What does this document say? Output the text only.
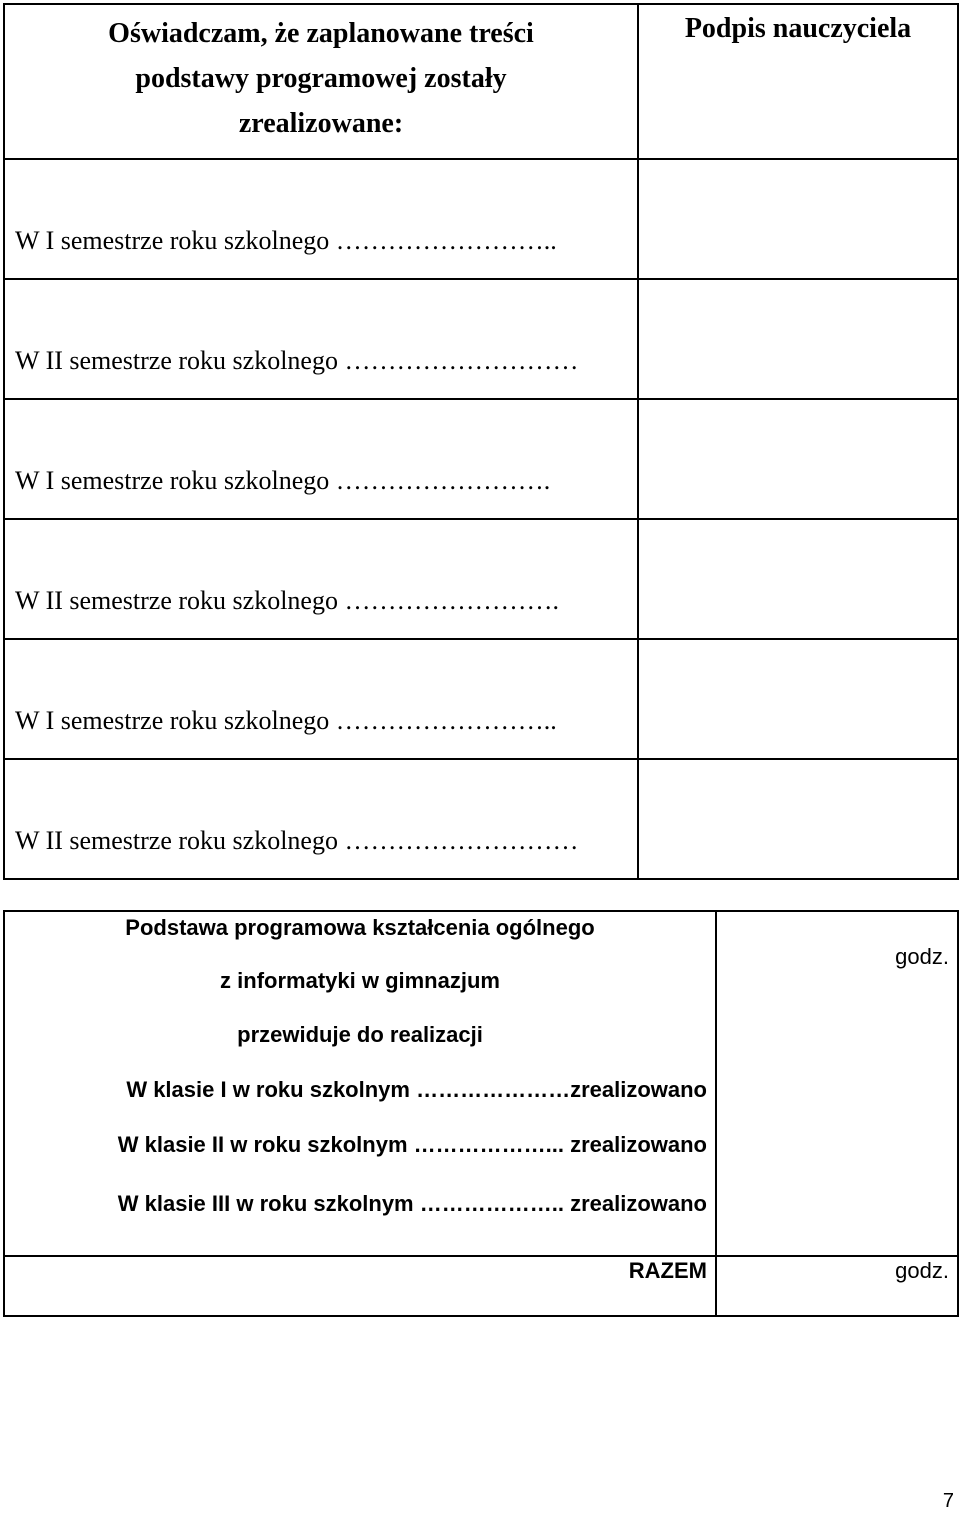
Oświadczam, że zaplanowane treści
podstawy programowej zostały
zrealizowane:
Podpis nauczyciela
W I semestrze roku szkolnego ……………………..
W II semestrze roku szkolnego ………………………
W I semestrze roku szkolnego …………………….
W II semestrze roku szkolnego …………………….
W I semestrze roku szkolnego ……………………..
W II semestrze roku szkolnego ………………………
Podstawa programowa kształcenia ogólnego
z informatyki w gimnazjum
przewiduje do realizacji
W klasie I w roku szkolnym …………………zrealizowano
W klasie II w roku szkolnym ………………... zrealizowano
W klasie III w roku szkolnym ……………….. zrealizowano
godz.
RAZEM	godz.
7
